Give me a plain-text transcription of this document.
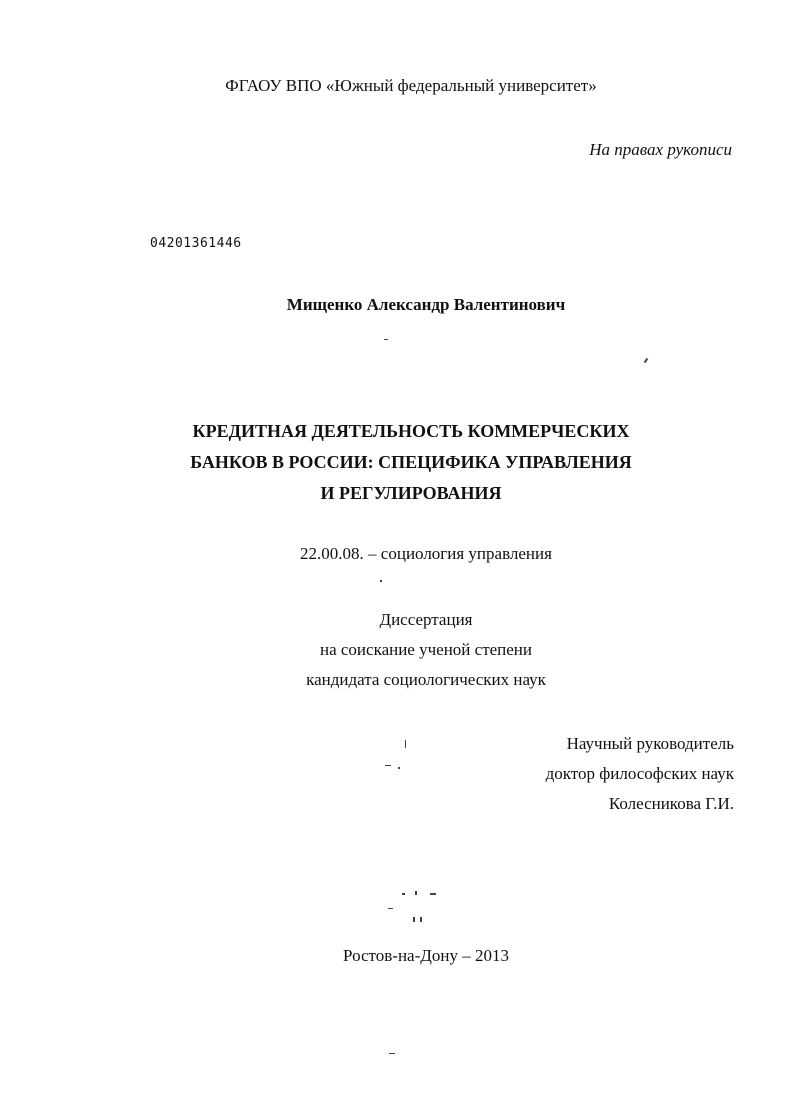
ФГАОУ ВПО «Южный федеральный университет»
На правах рукописи
04201361446
Мищенко Александр Валентинович
КРЕДИТНАЯ ДЕЯТЕЛЬНОСТЬ КОММЕРЧЕСКИХ
БАНКОВ В РОССИИ: СПЕЦИФИКА УПРАВЛЕНИЯ
И РЕГУЛИРОВАНИЯ
22.00.08. – социология управления
Диссертация
на соискание ученой степени
кандидата социологических наук
Научный руководитель
доктор философских наук
Колесникова Г.И.
Ростов-на-Дону – 2013
